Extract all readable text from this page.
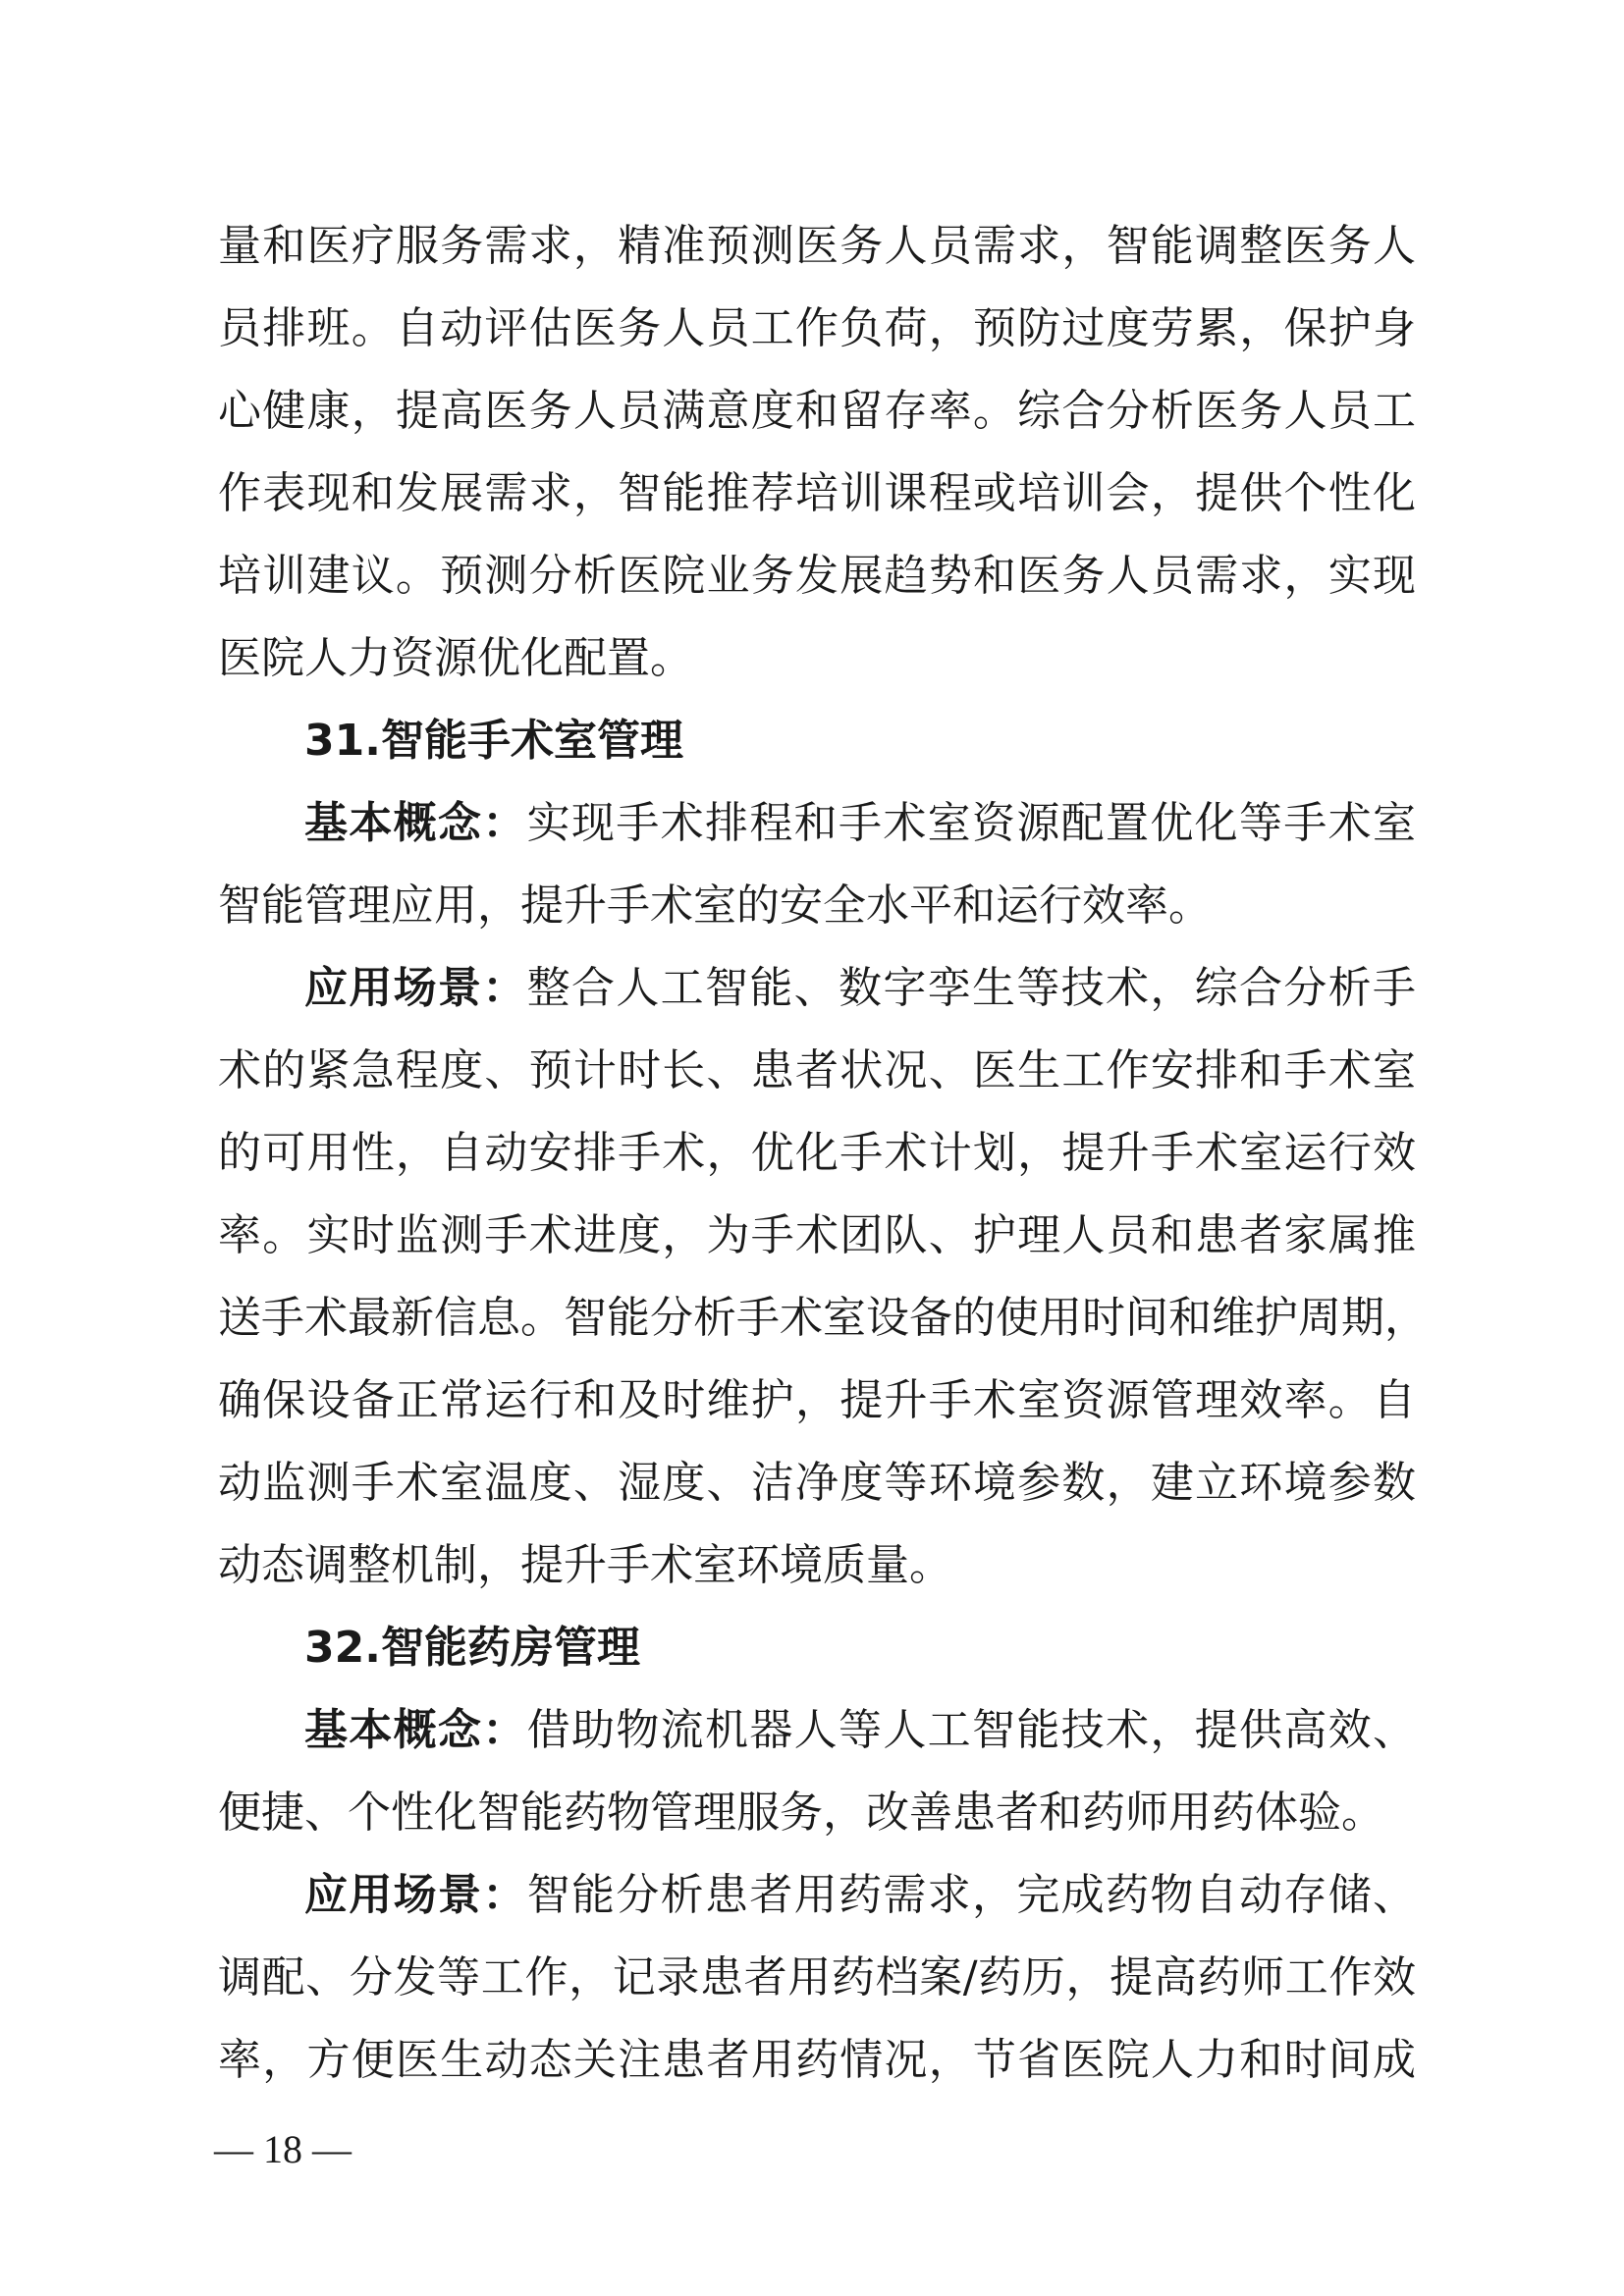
量和医疗服务需求，精准预测医务人员需求，智能调整医务人
员排班。自动评估医务人员工作负荷，预防过度劳累，保护身
心健康，提高医务人员满意度和留存率。综合分析医务人员工
作表现和发展需求，智能推荐培训课程或培训会，提供个性化
培训建议。预测分析医院业务发展趋势和医务人员需求，实现
医院人力资源优化配置。
31.智能手术室管理
基本概念：实现手术排程和手术室资源配置优化等手术室
智能管理应用，提升手术室的安全水平和运行效率。
应用场景：整合人工智能、数字孪生等技术，综合分析手
术的紧急程度、预计时长、患者状况、医生工作安排和手术室
的可用性，自动安排手术，优化手术计划，提升手术室运行效
率。实时监测手术进度，为手术团队、护理人员和患者家属推
送手术最新信息。智能分析手术室设备的使用时间和维护周期，
确保设备正常运行和及时维护，提升手术室资源管理效率。自
动监测手术室温度、湿度、洁净度等环境参数，建立环境参数
动态调整机制，提升手术室环境质量。
32.智能药房管理
基本概念：借助物流机器人等人工智能技术，提供高效、
便捷、个性化智能药物管理服务，改善患者和药师用药体验。
应用场景：智能分析患者用药需求，完成药物自动存储、
调配、分发等工作，记录患者用药档案/药历，提高药师工作效
率，方便医生动态关注患者用药情况，节省医院人力和时间成
— 18 —
